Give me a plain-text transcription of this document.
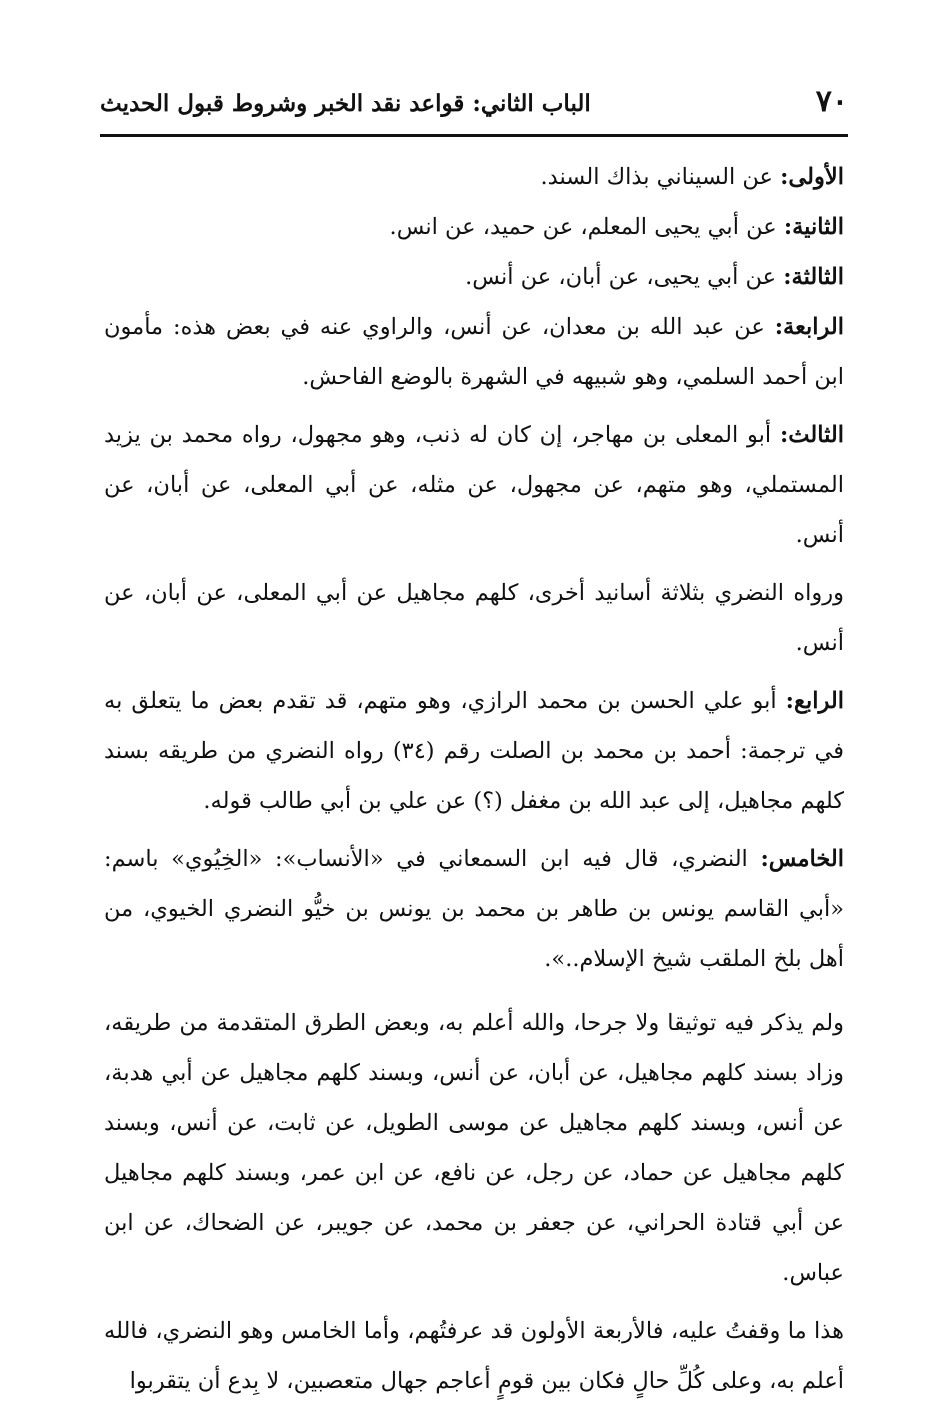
٧٠
الباب الثاني: قواعد نقد الخبر وشروط قبول الحديث

الأولى: عن السيناني بذاك السند.

الثانية: عن أبي يحيى المعلم، عن حميد، عن انس.

الثالثة: عن أبي يحيى، عن أبان، عن أنس.

الرابعة: عن عبد الله بن معدان، عن أنس، والراوي عنه في بعض هذه: مأمون ابن أحمد السلمي، وهو شبيهه في الشهرة بالوضع الفاحش.

الثالث: أبو المعلى بن مهاجر، إن كان له ذنب، وهو مجهول، رواه محمد بن يزيد المستملي، وهو متهم، عن مجهول، عن مثله، عن أبي المعلى، عن أبان، عن أنس.

ورواه النضري بثلاثة أسانيد أخرى، كلهم مجاهيل عن أبي المعلى، عن أبان، عن أنس.

الرابع: أبو علي الحسن بن محمد الرازي، وهو متهم، قد تقدم بعض ما يتعلق به في ترجمة: أحمد بن محمد بن الصلت رقم (٣٤) رواه النضري من طريقه بسند كلهم مجاهيل، إلى عبد الله بن مغفل (؟) عن علي بن أبي طالب قوله.

الخامس: النضري، قال فيه ابن السمعاني في «الأنساب»: «الخِيُوي» باسم: «أبي القاسم يونس بن طاهر بن محمد بن يونس بن خيُّو النضري الخيوي، من أهل بلخ الملقب شيخ الإسلام..».

ولم يذكر فيه توثيقا ولا جرحا، والله أعلم به، وبعض الطرق المتقدمة من طريقه، وزاد بسند كلهم مجاهيل، عن أبان، عن أنس، وبسند كلهم مجاهيل عن أبي هدبة، عن أنس، وبسند كلهم مجاهيل عن موسى الطويل، عن ثابت، عن أنس، وبسند كلهم مجاهيل عن حماد، عن رجل، عن نافع، عن ابن عمر، وبسند كلهم مجاهيل عن أبي قتادة الحراني، عن جعفر بن محمد، عن جويبر، عن الضحاك، عن ابن عباس.

هذا ما وقفتُ عليه، فالأربعة الأولون قد عرفتُهم، وأما الخامس وهو النضري، فالله أعلم به، وعلى كُلِّ حالٍ فكان بين قومٍ أعاجم جهال متعصبين، لا بِدع أن يتقربوا
